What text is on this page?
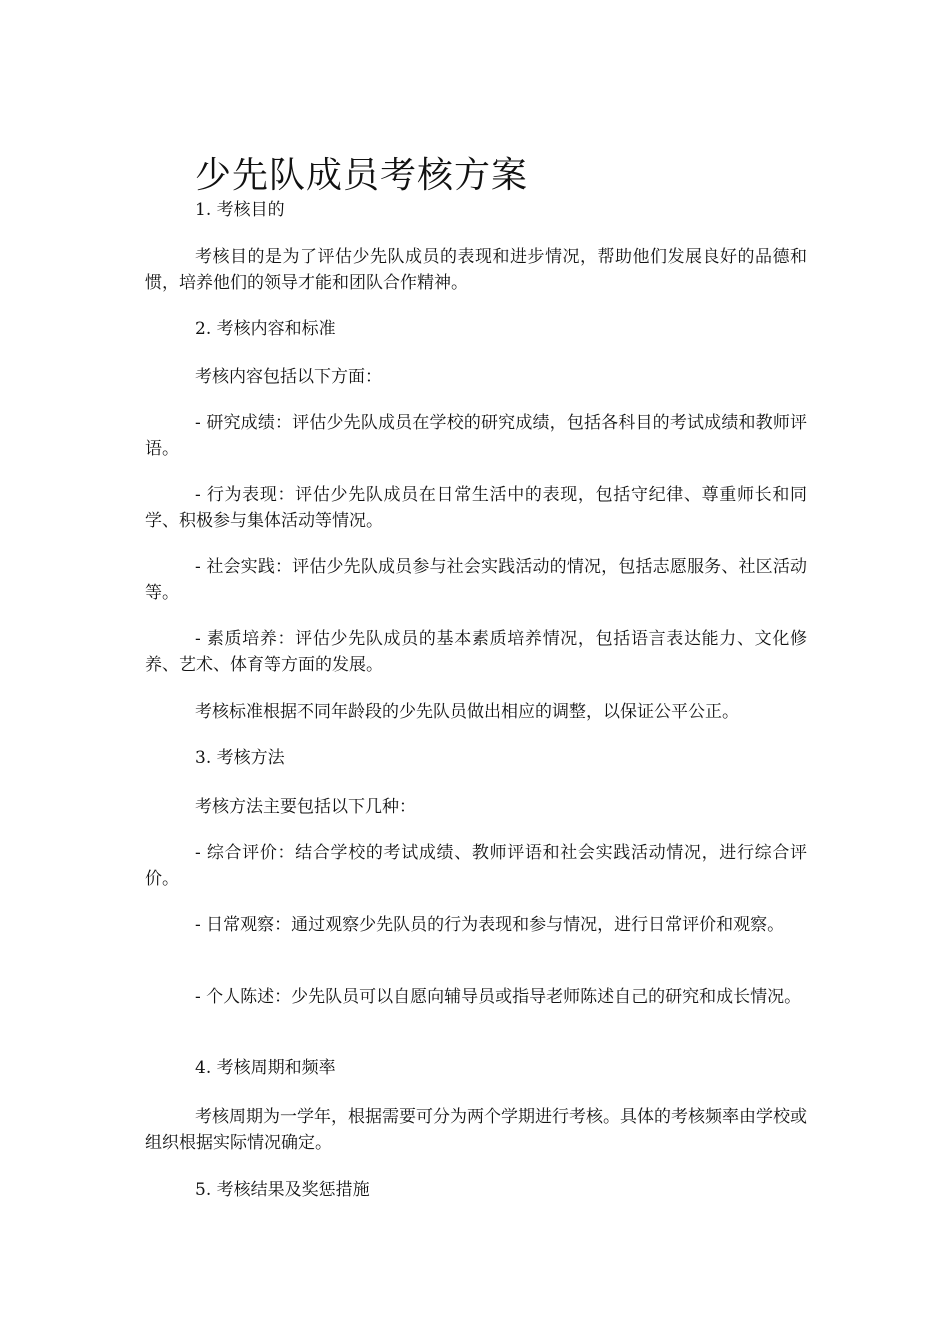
少先队成员考核方案

1. 考核目的

考核目的是为了评估少先队成员的表现和进步情况，帮助他们发展良好的品德和惯，培养他们的领导才能和团队合作精神。

2. 考核内容和标准

考核内容包括以下方面：

- 研究成绩：评估少先队成员在学校的研究成绩，包括各科目的考试成绩和教师评语。

- 行为表现：评估少先队成员在日常生活中的表现，包括守纪律、尊重师长和同学、积极参与集体活动等情况。

- 社会实践：评估少先队成员参与社会实践活动的情况，包括志愿服务、社区活动等。

- 素质培养：评估少先队成员的基本素质培养情况，包括语言表达能力、文化修养、艺术、体育等方面的发展。

考核标准根据不同年龄段的少先队员做出相应的调整，以保证公平公正。

3. 考核方法

考核方法主要包括以下几种：

- 综合评价：结合学校的考试成绩、教师评语和社会实践活动情况，进行综合评价。

- 日常观察：通过观察少先队员的行为表现和参与情况，进行日常评价和观察。

- 个人陈述：少先队员可以自愿向辅导员或指导老师陈述自己的研究和成长情况。

4. 考核周期和频率

考核周期为一学年，根据需要可分为两个学期进行考核。具体的考核频率由学校或组织根据实际情况确定。

5. 考核结果及奖惩措施
